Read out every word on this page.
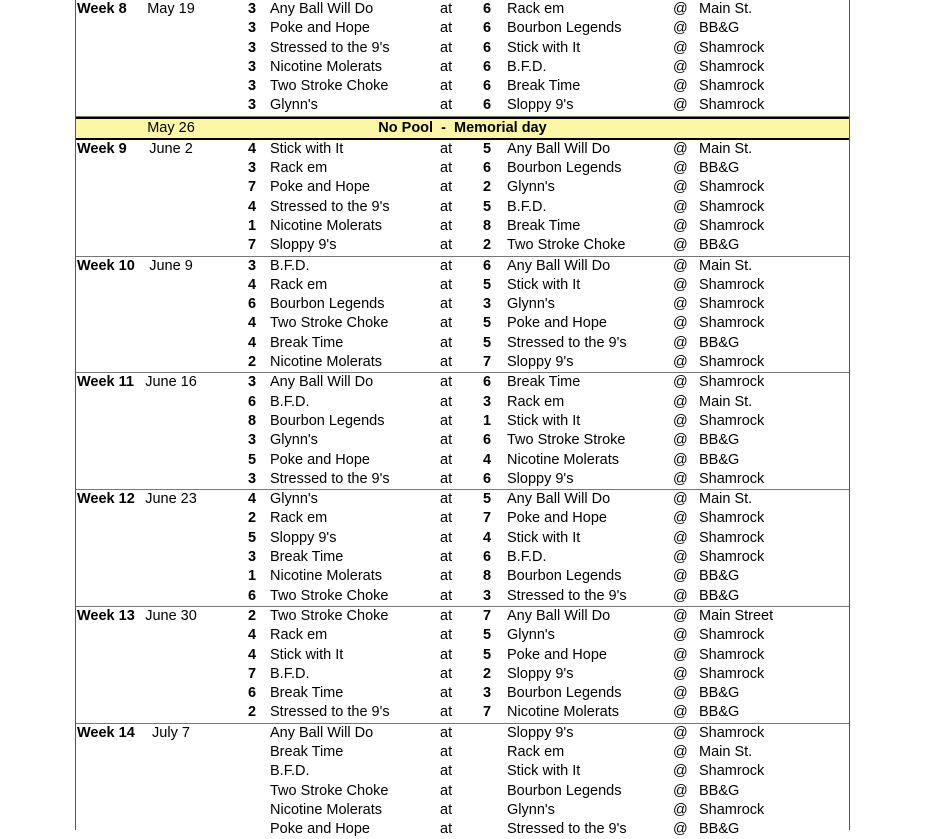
Week 8	May 19	3 Any Ball Will Do	at 6 Rack em	@ Main St.
3 Poke and Hope	at 6 Bourbon Legends	@ BB&G
3 Stressed to the 9's	at 6 Stick with It	@ Shamrock
3 Nicotine Molerats	at 6 B.F.D.	@ Shamrock
3 Two Stroke Choke	at 6 Break Time	@ Shamrock
3 Glynn's	at 6 Sloppy 9's	@ Shamrock
May 26	No Pool  -  Memorial day
Week 9	June 2	4 Stick with It	at 5 Any Ball Will Do	@ Main St.
3 Rack em	at 6 Bourbon Legends	@ BB&G
7 Poke and Hope	at 2 Glynn's	@ Shamrock
4 Stressed to the 9's	at 5 B.F.D.	@ Shamrock
1 Nicotine Molerats	at 8 Break Time	@ Shamrock
7 Sloppy 9's	at 2 Two Stroke Choke	@ BB&G
Week 10 June 9	3 B.F.D.	at 6 Any Ball Will Do	@ Main St.
4 Rack em	at 5 Stick with It	@ Shamrock
6 Bourbon Legends	at 3 Glynn's	@ Shamrock
4 Two Stroke Choke	at 5 Poke and Hope	@ Shamrock
4 Break Time	at 5 Stressed to the 9's	@ BB&G
2 Nicotine Molerats	at 7 Sloppy 9's	@ Shamrock
Week 11 June 16	3 Any Ball Will Do	at 6 Break Time	@ Shamrock
6 B.F.D.	at 3 Rack em	@ Main St.
8 Bourbon Legends	at 1 Stick with It	@ Shamrock
3 Glynn's	at 6 Two Stroke Stroke	@ BB&G
5 Poke and Hope	at 4 Nicotine Molerats	@ BB&G
3 Stressed to the 9's	at 6 Sloppy 9's	@ Shamrock
Week 12 June 23	4 Glynn's	at 5 Any Ball Will Do	@ Main St.
2 Rack em	at 7 Poke and Hope	@ Shamrock
5 Sloppy 9's	at 4 Stick with It	@ Shamrock
3 Break Time	at 6 B.F.D.	@ Shamrock
1 Nicotine Molerats	at 8 Bourbon Legends	@ BB&G
6 Two Stroke Choke	at 3 Stressed to the 9's	@ BB&G
Week 13 June 30	2 Two Stroke Choke	at 7 Any Ball Will Do	@ Main Street
4 Rack em	at 5 Glynn's	@ Shamrock
4 Stick with It	at 5 Poke and Hope	@ Shamrock
7 B.F.D.	at 2 Sloppy 9's	@ Shamrock
6 Break Time	at 3 Bourbon Legends	@ BB&G
2 Stressed to the 9's	at 7 Nicotine Molerats	@ BB&G
Week 14	July 7	Any Ball Will Do	at	Sloppy 9's	@ Shamrock
Break Time	at	Rack em	@ Main St.
B.F.D.	at	Stick with It	@ Shamrock
Two Stroke Choke	at	Bourbon Legends	@ BB&G
Nicotine Molerats	at	Glynn's	@ Shamrock
Poke and Hope	at	Stressed to the 9's	@ BB&G
